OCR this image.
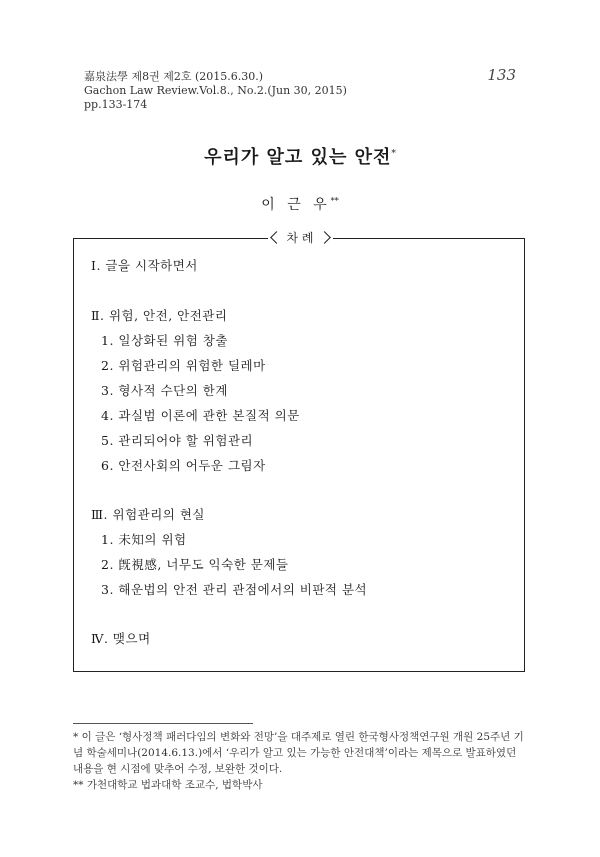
嘉泉法學 제8권 제2호 (2015.6.30.)
Gachon Law Review.Vol.8., No.2.(Jun 30, 2015)
pp.133-174
133
우리가 알고 있는 안전*
이 근 우**
차 례
Ⅰ. 글을 시작하면서
Ⅱ. 위험, 안전, 안전관리
1. 일상화된 위험 창출
2. 위험관리의 위험한 딜레마
3. 형사적 수단의 한계
4. 과실범 이론에 관한 본질적 의문
5. 관리되어야 할 위험관리
6. 안전사회의 어두운 그림자
Ⅲ. 위험관리의 현실
1. 未知의 위험
2. 旣視感, 너무도 익숙한 문제들
3. 해운법의 안전 관리 관점에서의 비판적 분석
Ⅳ. 맺으며
* 이 글은 ‘형사정책 패러다임의 변화와 전망’을 대주제로 열린 한국형사정책연구원 개원 25주년 기념 학술세미나(2014.6.13.)에서 ‘우리가 알고 있는 가능한 안전대책’이라는 제목으로 발표하였던 내용을 현 시점에 맞추어 수정, 보완한 것이다.
** 가천대학교 법과대학 조교수, 법학박사
